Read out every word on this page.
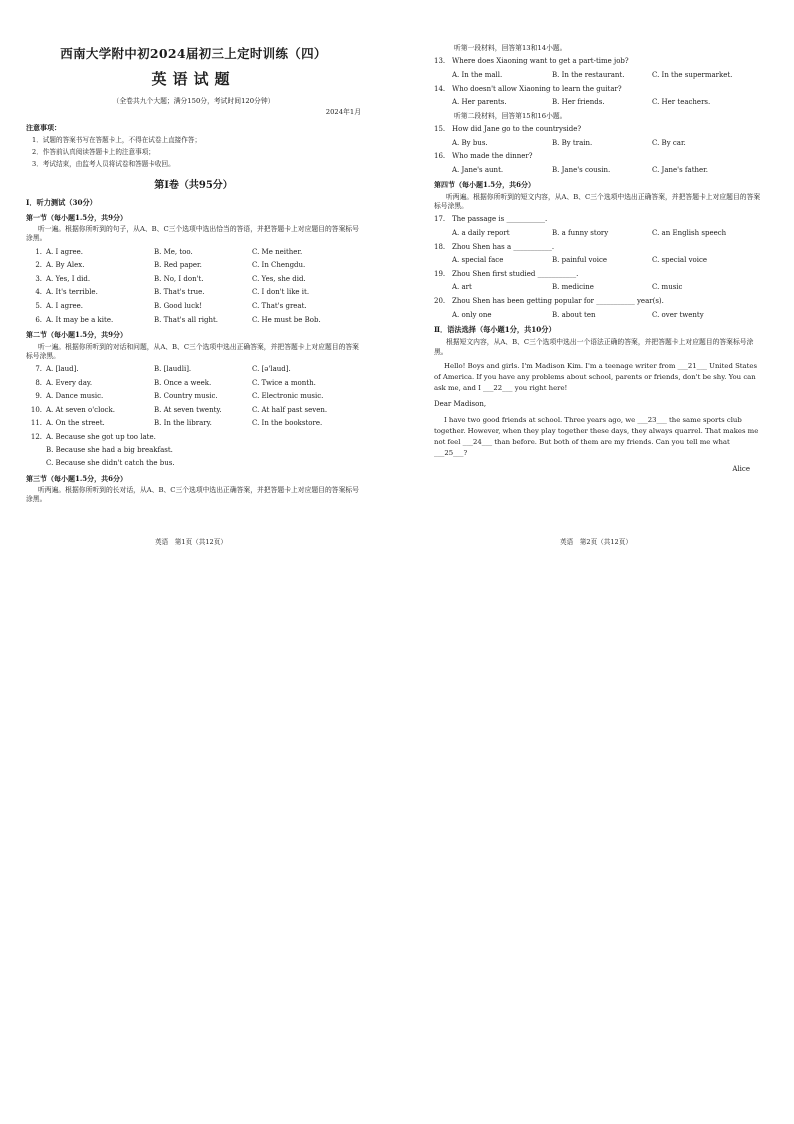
西南大学附中初2024届初三上定时训练（四）
英语试题
（全卷共九个大题；满分150分，考试时间120分钟）
2024年1月
注意事项：
1．试题的答案书写在答题卡上，不得在试卷上直接作答；
2．作答前认真阅读答题卡上的注意事项；
3．考试结束，由监考人员将试卷和答题卡收回。
第Ⅰ卷（共95分）
Ⅰ．听力测试（30分）
第一节（每小题1.5分，共9分）
听一遍。根据你所听到的句子，从A、B、C三个选项中选出恰当的答语，并把答题卡上对应题目的答案标号涂黑。
1. A. I agree.	B. Me, too.	C. Me neither.
2. A. By Alex.	B. Red paper.	C. In Chengdu.
3. A. Yes, I did.	B. No, I don't.	C. Yes, she did.
4. A. It's terrible.	B. That's true.	C. I don't like it.
5. A. I agree.	B. Good luck!	C. That's great.
6. A. It may be a kite.	B. That's all right.	C. He must be Bob.
第二节（每小题1.5分，共9分）
听一遍。根据你所听到的对话和问题，从A、B、C三个选项中选出正确答案，并把答题卡上对应题目的答案标号涂黑。
7. A. [laud].	B. [laudli].	C. [ə'laud].
8. A. Every day.	B. Once a week.	C. Twice a month.
9. A. Dance music.	B. Country music.	C. Electronic music.
10. A. At seven o'clock.	B. At seven twenty.	C. At half past seven.
11. A. On the street.	B. In the library.	C. In the bookstore.
12. A. Because she got up too late.
B. Because she had a big breakfast.
C. Because she didn't catch the bus.
第三节（每小题1.5分，共6分）
听两遍。根据你所听到的长对话，从A、B、C三个选项中选出正确答案，并把答题卡上对应题目的答案标号涂黑。
英语　第1页（共12页）
听第一段材料，回答第13和14小题。
13. Where does Xiaoning want to get a part-time job?
A. In the mall.	B. In the restaurant.	C. In the supermarket.
14. Who doesn't allow Xiaoning to learn the guitar?
A. Her parents.	B. Her friends.	C. Her teachers.
听第二段材料，回答第15和16小题。
15. How did Jane go to the countryside?
A. By bus.	B. By train.	C. By car.
16. Who made the dinner?
A. Jane's aunt.	B. Jane's cousin.	C. Jane's father.
第四节（每小题1.5分，共6分）
听两遍。根据你所听到的短文内容，从A、B、C三个选项中选出正确答案，并把答题卡上对应题目的答案标号涂黑。
17. The passage is ___________.
A. a daily report	B. a funny story	C. an English speech
18. Zhou Shen has a ___________.
A. special face	B. painful voice	C. special voice
19. Zhou Shen first studied ___________.
A. art	B. medicine	C. music
20. Zhou Shen has been getting popular for ___________ year(s).
A. only one	B. about ten	C. over twenty
Ⅱ．语法选择（每小题1分，共10分）
根据短文内容，从A、B、C三个选项中选出一个语法正确的答案，并把答题卡上对应题目的答案标号涂黑。
Hello! Boys and girls. I'm Madison Kim. I'm a teenage writer from ___21___ United States of America. If you have any problems about school, parents or friends, don't be shy. You can ask me, and I ___22___ you right here!
Dear Madison,
I have two good friends at school. Three years ago, we ___23___ the same sports club together. However, when they play together these days, they always quarrel. That makes me not feel ___24___ than before. But both of them are my friends. Can you tell me what ___25___?
Alice
英语　第2页（共12页）
